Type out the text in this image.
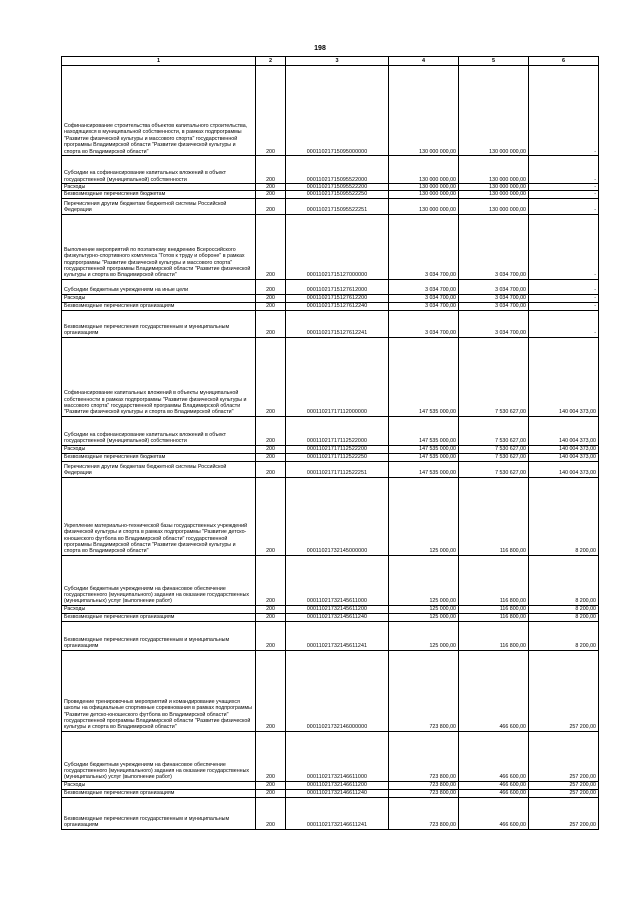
198
1	2	3	4	5	6
Софинансирование строительства объектов капитального строительства, находящихся в муниципальной собственности, в рамках подпрограммы "Развитие физической культуры и массового спорта" государственной программы Владимирской области "Развитие физической культуры и спорта во Владимирской области"	200	00011021715095000000	130 000 000,00	130 000 000,00	-
Субсидии на софинансирование капитальных вложений в объект государственной (муниципальной) собственности	200	00011021715095522000	130 000 000,00	130 000 000,00	-
Расходы	200	00011021715095522200	130 000 000,00	130 000 000,00	-
Безвозмездные перечисления бюджетам	200	00011021715095522250	130 000 000,00	130 000 000,00	-
Перечисления другим бюджетам бюджетной системы Российской Федерации	200	00011021715095522251	130 000 000,00	130 000 000,00	-
Выполнение мероприятий по поэтапному внедрению Всероссийского физкультурно-спортивного комплекса "Готов к труду и обороне" в рамках подпрограммы "Развитие физической культуры и массового спорта" государственной программы Владимирской области "Развитие физической культуры и спорта во Владимирской области"	200	00011021715127000000	3 034 700,00	3 034 700,00	-
Субсидии бюджетным учреждениям на иные цели	200	00011021715127612000	3 034 700,00	3 034 700,00	-
Расходы	200	00011021715127612200	3 034 700,00	3 034 700,00	-
Безвозмездные перечисления организациям	200	00011021715127612240	3 034 700,00	3 034 700,00	-
Безвозмездные перечисления государственным и муниципальным организациям	200	00011021715127612241	3 034 700,00	3 034 700,00	-
Софинансирование капитальных вложений в объекты муниципальной собственности в рамках подпрограммы "Развитие физической культуры и массового спорта" государственной программы Владимирской области "Развитие физической культуры и спорта во Владимирской области"	200	00011021717112000000	147 535 000,00	7 530 627,00	140 004 373,00
Субсидии на софинансирование капитальных вложений в объект государственной (муниципальной) собственности	200	00011021717112522000	147 535 000,00	7 530 627,00	140 004 373,00
Расходы	200	00011021717112522200	147 535 000,00	7 530 627,00	140 004 373,00
Безвозмездные перечисления бюджетам	200	00011021717112522250	147 535 000,00	7 530 627,00	140 004 373,00
Перечисления другим бюджетам бюджетной системы Российской Федерации	200	00011021717112522251	147 535 000,00	7 530 627,00	140 004 373,00
Укрепление материально-технической базы государственных учреждений физической культуры и спорта в рамках подпрограммы "Развитие детско-юношеского футбола во Владимирской области" государственной программы Владимирской области "Развитие физической культуры и спорта во Владимирской области"	200	00011021732145000000	125 000,00	116 800,00	8 200,00
Субсидии бюджетным учреждениям на финансовое обеспечение государственного (муниципального) задания на оказание государственных (муниципальных) услуг (выполнение работ)	200	00011021732145611000	125 000,00	116 800,00	8 200,00
Расходы	200	00011021732145611200	125 000,00	116 800,00	8 200,00
Безвозмездные перечисления организациям	200	00011021732145611240	125 000,00	116 800,00	8 200,00
Безвозмездные перечисления государственным и муниципальным организациям	200	00011021732145611241	125 000,00	116 800,00	8 200,00
Проведение тренировочных мероприятий и командирование учащихся школы на официальные спортивные соревнования в рамках подпрограммы "Развитие детско-юношеского футбола во Владимирской области" государственной программы Владимирской области "Развитие физической культуры и спорта во Владимирской области"	200	00011021732146000000	723 800,00	466 600,00	257 200,00
Субсидии бюджетным учреждениям на финансовое обеспечение государственного (муниципального) задания на оказание государственных (муниципальных) услуг (выполнение работ)	200	00011021732146611000	723 800,00	466 600,00	257 200,00
Расходы	200	00011021732146611200	723 800,00	466 600,00	257 200,00
Безвозмездные перечисления организациям	200	00011021732146611240	723 800,00	466 600,00	257 200,00
Безвозмездные перечисления государственным и муниципальным организациям	200	00011021732146611241	723 800,00	466 600,00	257 200,00
